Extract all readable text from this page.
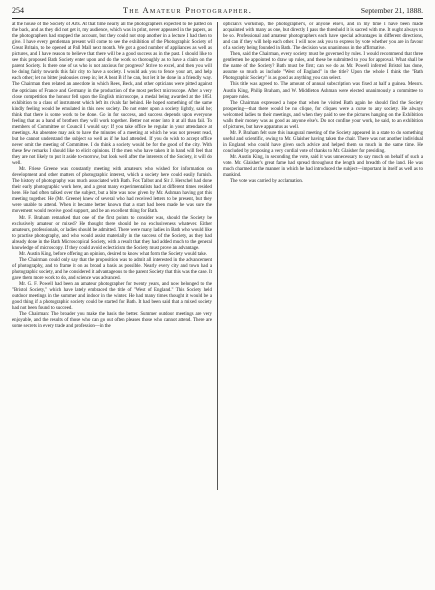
254	The Amateur Photographer.	September 21, 1888.

at the house of the Society of Arts. At that time nearly all the photographers expected to be patted on the back, and as they did not get it, my audience, which was in print, never appeared in the papers, as the photographers had stopped the account, but they could not stop another in a lecture I had then to give. I have every gentleman present will come to see the exhibition of the Photographic Society of Great Britain, to be opened at Pall Mall next month. We got a good number of appliances as well as pictures, and I have reason to believe that there will be a good success as in the past. I should like to see this proposed Bath Society enter upon and do the work so thoroughly as to have a claim on the parent Society. Is there one of us who is not anxious for progress? Strive to excel, and then you will be doing fairly towards this fair city to have a society. I would ask you to fence your art, and help each other; let no bitter jealousies creep in; let A beat B if he can, but let it be done in a friendly way. The Chairman then related an anecdote in which Rees, Beck, and other opticians were pitted against the opticians of France and Germany in the production of the most perfect microscope. After a very close competition the honour fell upon the English microscope, a medal being awarded at the 1851 exhibition to a class of instrument which left its rivals far behind. He hoped something of the same kindly feeling would be emulated in this new society. Do not enter upon a society lightly, said he; think that there is some work to be done. Go in for success, and success depends upon everyone feeling that as a band of brothers they will work together. Better not enter into it at all than fail. To members of Committee or Council I would say: If you take office be regular in your attendance at meetings. An absentee may ask to have the minutes of a meeting at which he was not present read, but he cannot understand the subject so well as if he had attended. If you do wish to accept office never omit the meeting of Committee. I do think a society would be for the good of the city. With these few remarks I should like to elicit opinions. If the men who have taken it in hand will feel that they are not likely to put it aside to-morrow, but look well after the interests of the Society, it will do well.

Mr. Friese Greene was constantly meeting with amateurs who wished for information on development and other matters of photographic interest, which a society here could easily furnish. The history of photography was much associated with Bath. Fox Talbot and Sir J. Herschel had done their early photographic work here, and a great many experimentalists had at different times resided here. He had often talked over the subject, but a bite was now given by Mr. Ashman having got this meeting together. He (Mr. Greene) knew of several who had received letters to be present, but they were unable to attend. When it became better known that a start had been made he was sure the movement would receive good support, and be an excellent thing for Bath.

Mr. F. Braham remarked that one of the first points to consider was, should the Society be exclusively amateur or mixed? He thought there should be no exclusiveness whatever. Either amateurs, professionals, or ladies should be admitted. There were many ladies in Bath who would like to practise photography, and who would assist materially in the success of the Society, as they had already done in the Bath Microscopical Society, with a result that they had added much to the general knowledge of microscopy. If they could avoid eclecticism the Society must prove an advantage.

Mr. Austin King, before offering an opinion, desired to know what form the Society would take.

The Chairman could only say that the proposition was to admit all interested in the advancement of photography, and to frame it on as broad a basis as possible. Nearly every city and town had a photographic society, and he considered it advantageous to the parent Society that this was the case. It gave them more work to do, and science was advanced.

Mr. G. F. Powell had been an amateur photographer for twenty years, and now belonged to the "Bristol Society," which have lately embraced the title of "West of England." This Society held outdoor meetings in the summer and indoor in the winter. He had many times thought it would be a good thing if a photographic society could be started for Bath. It had been said that a mixed society had not been found to succeed.

The Chairman: The broader you make the basis the better. Summer outdoor meetings are very enjoyable, and the results of those who can go out often pleases those who cannot attend. There are some secrets in every trade and profession—in the

optician's workshop, the photographer's, or anyone else's, and in my time I have been made acquainted with many as one, but directly I pass the threshold it is sacred with me. It ought always to be so. Professional and amateur photographers each have special advantages in different directions, and can if they will help each other. I will now ask you to express by vote whether you are in favour of a society being founded in Bath. The decision was unanimous in the affirmative.

Then, said the Chairman, every society must be governed by rules. I would recommend that three gentlemen be appointed to draw up rules, and these be submitted to you for approval. What shall be the name of the Society? Bath must be first; can we do as Mr. Powell inferred Bristol has done, assume so much as include "West of England" in the title? Upon the whole I think the "Bath Photographic Society" is as good as anything you can select.

This title was agreed to. The amount of annual subscription was fixed at half a guinea. Messrs. Austin King, Philip Braham, and W. Middleton Ashman were elected unanimously a committee to prepare rules.

The Chairman expressed a hope that when he visited Bath again he should find the Society prospering—that there would be no clique, for cliques were a curse to any society. He always welcomed ladies to their meetings, and when they paid to see the pictures hanging on the Exhibition walls their money was as good as anyone else's. Do not confine your work, he said, to an exhibition of pictures, but have apparatus as well.

Mr. P. Braham felt sure this inaugural meeting of the Society appeared in a state to do something useful and scientific, owing to Mr. Glaisher having taken the chair. There was not another individual in England who could have given such advice and helped them so much in the same time. He concluded by proposing a very cordial vote of thanks to Mr. Glaisher for presiding.

Mr. Austin King, in seconding the vote, said it was unnecessary to say much on behalf of such a vote. Mr. Glaisher's great fame had spread throughout the length and breadth of the land. He was much charmed at the manner in which he had introduced the subject—important in itself as well as to mankind.

The vote was carried by acclamation.
